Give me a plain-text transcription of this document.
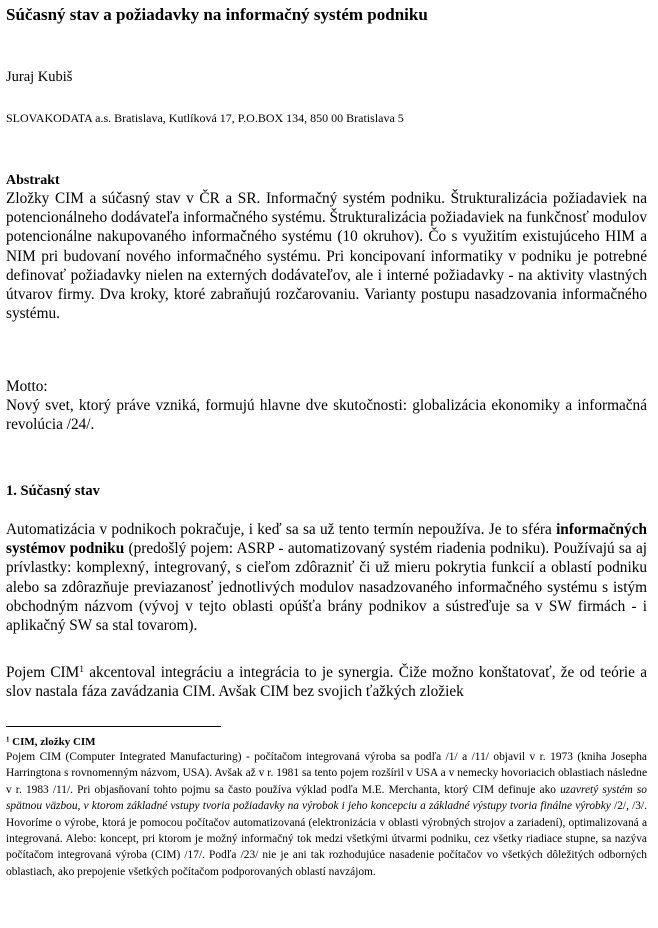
Súčasný stav a požiadavky na informačný systém podniku
Juraj Kubiš
SLOVAKODATA a.s. Bratislava, Kutlíková 17, P.O.BOX 134, 850 00 Bratislava 5
Abstrakt

Zložky CIM a súčasný stav v ČR a SR. Informačný systém podniku. Štrukturalizácia požiadaviek na potencionálneho dodávateľa informačného systému. Štrukturalizácia požiadaviek na funkčnosť modulov potencionálne nakupovaného informačného systému (10 okruhov). Čo s využitím existujúceho HIM a NIM pri budovaní nového informačného systému. Pri koncipovaní informatiky v podniku je potrebné definovať požiadavky nielen na externých dodávateľov, ale i interné požiadavky - na aktivity vlastných útvarov firmy. Dva kroky, ktoré zabraňujú rozčarovaniu. Varianty postupu nasadzovania informačného systému.

Motto:

Nový svet, ktorý práve vzniká, formujú hlavne dve skutočnosti: globalizácia ekonomiky a informačná revolúcia /24/.

1. Súčasný stav

Automatizácia v podnikoch pokračuje, i keď sa sa už tento termín nepoužíva. Je to sféra informačných systémov podniku (predošlý pojem: ASRP - automatizovaný systém riadenia podniku). Používajú sa aj prívlastky: komplexný, integrovaný, s cieľom zdôrazniť či už mieru pokrytia funkcií a oblastí podniku alebo sa zdôrazňuje previazanosť jednotlivých modulov nasadzovaného informačného systému s istým obchodným názvom (vývoj v tejto oblasti opúšťa brány podnikov a sústreďuje sa v SW firmách - i aplikačný SW sa stal tovarom).

Pojem CIM$^1$ akcentoval integráciu a integrácia to je synergia. Čiže možno konštatovať, že od teórie a slov nastala fáza zavádzania CIM. Avšak CIM bez svojich ťažkých zložiek

$^1$ CIM, zložky CIM

Pojem CIM (Computer Integrated Manufacturing) - počítačom integrovaná výroba sa podľa /1/ a /11/ objavil v r. 1973 (kniha Josepha Harringtona s rovnomenným názvom, USA). Avšak až v r. 1981 sa tento pojem rozšíril v USA a v nemecky hovoriacich oblastiach následne v r. 1983 /11/. Pri objasňovaní tohto pojmu sa často používa výklad podľa M.E. Merchanta, ktorý CIM definuje ako uzavretý systém so spätnou väzbou, v ktorom základné vstupy tvoria požiadavky na výrobok i jeho koncepciu a základné výstupy tvoria finálne výrobky /2/, /3/. Hovoríme o výrobe, ktorá je pomocou počítačov automatizovaná (elektronizácia v oblasti výrobných strojov a zariadení), optimalizovaná a integrovaná. Alebo: koncept, pri ktorom je možný informačný tok medzi všetkými útvarmi podniku, cez všetky riadiace stupne, sa nazýva počítačom integrovaná výroba (CIM) /17/. Podľa /23/ nie je ani tak rozhodujúce nasadenie počítačov vo všetkých dôležitých odborných oblastiach, ako prepojenie všetkých počítačom podporovaných oblastí navzájom.
